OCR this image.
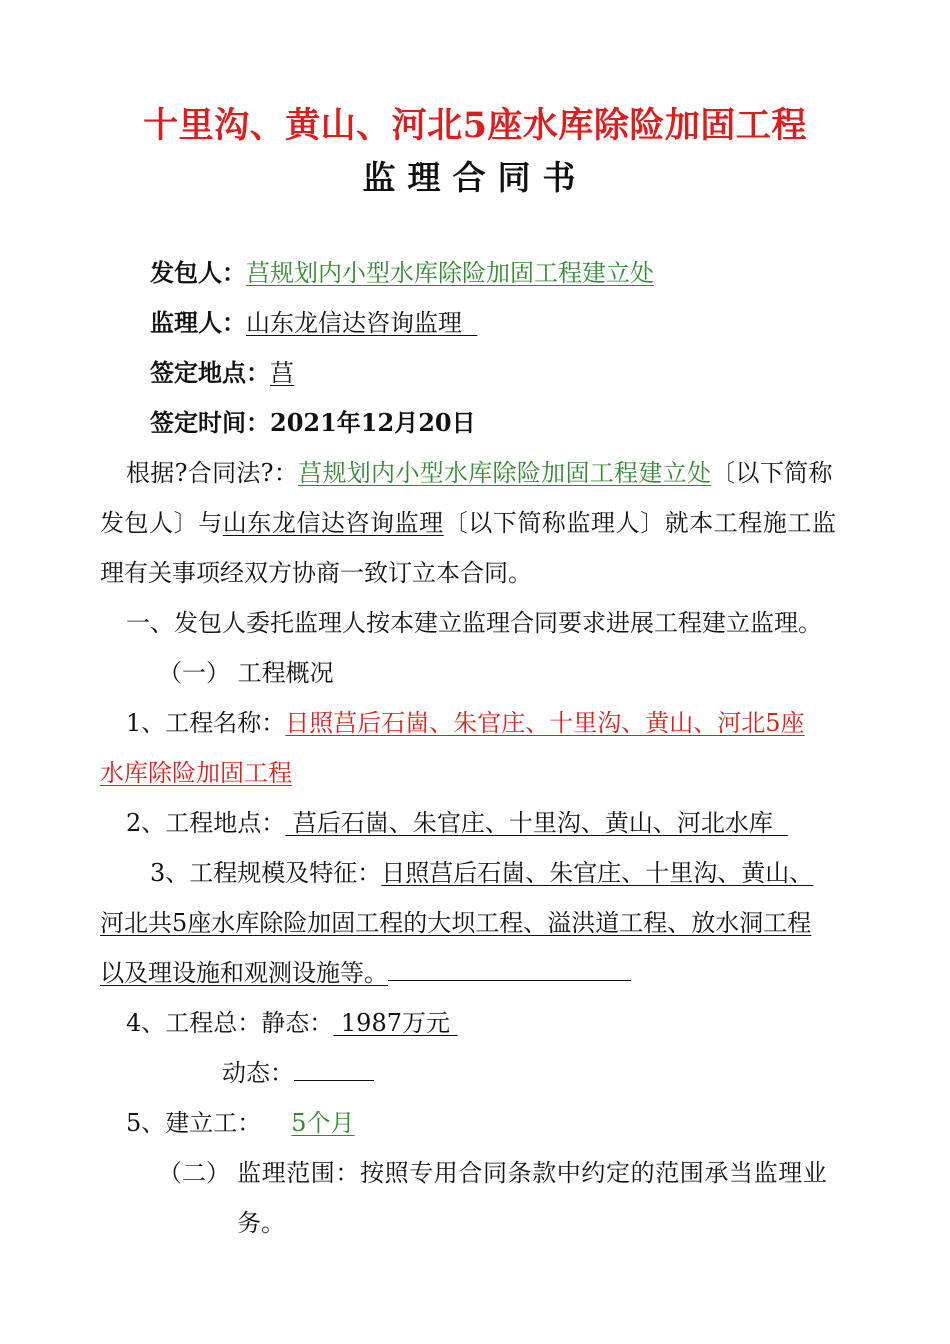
十里沟、黄山、河北5座水库除险加固工程
监理合同书
发包人：莒规划内小型水库除险加固工程建立处
监理人：山东龙信达咨询监理
签定地点：莒
签定时间：2021年12月20日
根据?合同法?：莒规划内小型水库除险加固工程建立处〔以下简称
发包人〕与山东龙信达咨询监理〔以下简称监理人〕就本工程施工监
理有关事项经双方协商一致订立本合同。
一、发包人委托监理人按本建立监理合同要求进展工程建立监理。
（一） 工程概况
1、工程名称：日照莒后石崮、朱官庄、十里沟、黄山、河北5座
水库除险加固工程
2、工程地点： 莒后石崮、朱官庄、十里沟、黄山、河北水库
3、工程规模及特征：日照莒后石崮、朱官庄、十里沟、黄山、
河北共5座水库除险加固工程的大坝工程、溢洪道工程、放水洞工程
以及理设施和观测设施等。
4、工程总：静态： 1987万元
动态：
5、建立工： 5个月
（二） 监理范围：按照专用合同条款中约定的范围承当监理业
务。
